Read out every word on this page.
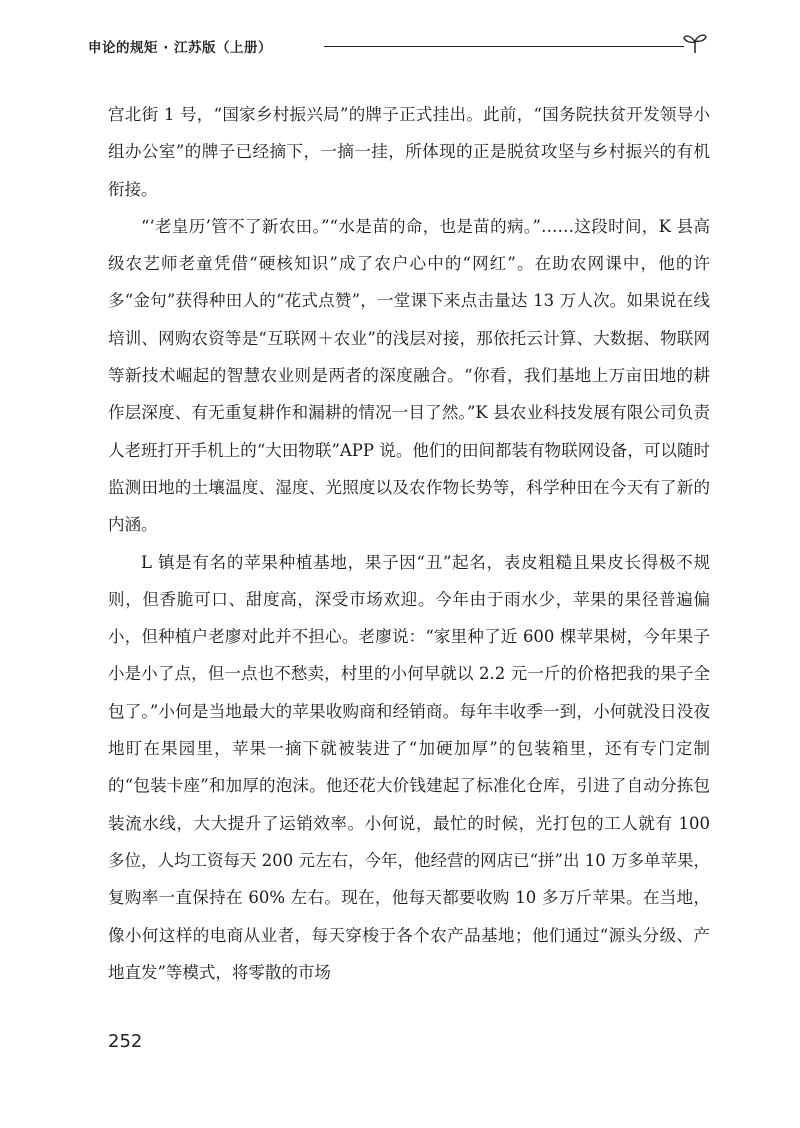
申论的规矩 · 江苏版（上册）

宫北街 1 号，“国家乡村振兴局”的牌子正式挂出。此前，“国务院扶贫开发领导小组办公室”的牌子已经摘下，一摘一挂，所体现的正是脱贫攻坚与乡村振兴的有机衔接。

“‘老皇历’管不了新农田。”“水是苗的命，也是苗的病。”……这段时间，K 县高级农艺师老童凭借“硬核知识”成了农户心中的“网红”。在助农网课中，他的许多“金句”获得种田人的“花式点赞”，一堂课下来点击量达 13 万人次。如果说在线培训、网购农资等是“互联网＋农业”的浅层对接，那依托云计算、大数据、物联网等新技术崛起的智慧农业则是两者的深度融合。“你看，我们基地上万亩田地的耕作层深度、有无重复耕作和漏耕的情况一目了然。”K 县农业科技发展有限公司负责人老班打开手机上的“大田物联”APP 说。他们的田间都装有物联网设备，可以随时监测田地的土壤温度、湿度、光照度以及农作物长势等，科学种田在今天有了新的内涵。

L 镇是有名的苹果种植基地，果子因“丑”起名，表皮粗糙且果皮长得极不规则，但香脆可口、甜度高，深受市场欢迎。今年由于雨水少，苹果的果径普遍偏小，但种植户老廖对此并不担心。老廖说：“家里种了近 600 棵苹果树，今年果子小是小了点，但一点也不愁卖，村里的小何早就以 2.2 元一斤的价格把我的果子全包了。”小何是当地最大的苹果收购商和经销商。每年丰收季一到，小何就没日没夜地盯在果园里，苹果一摘下就被装进了“加硬加厚”的包装箱里，还有专门定制的“包装卡座”和加厚的泡沫。他还花大价钱建起了标准化仓库，引进了自动分拣包装流水线，大大提升了运销效率。小何说，最忙的时候，光打包的工人就有 100 多位，人均工资每天 200 元左右，今年，他经营的网店已“拼”出 10 万多单苹果，复购率一直保持在 60% 左右。现在，他每天都要收购 10 多万斤苹果。在当地，像小何这样的电商从业者，每天穿梭于各个农产品基地；他们通过“源头分级、产地直发”等模式，将零散的市场

252
